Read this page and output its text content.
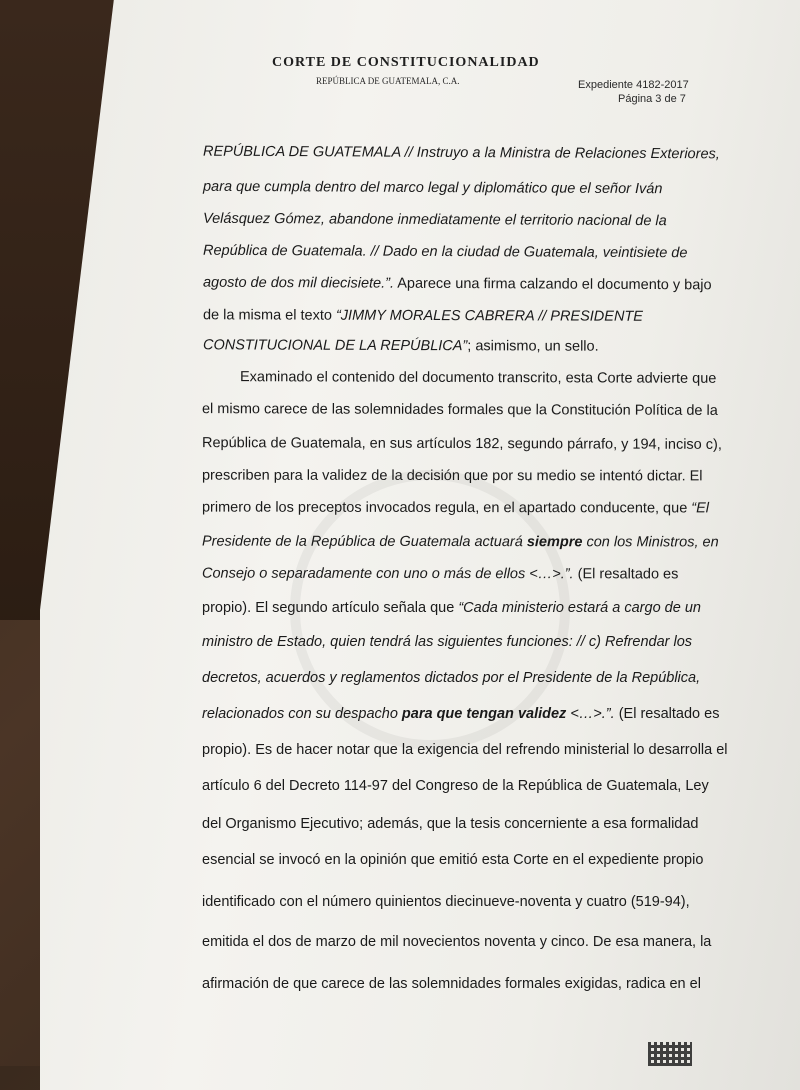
CORTE DE CONSTITUCIONALIDAD
REPÚBLICA DE GUATEMALA, C.A.	Expediente 4182-2017
Página 3 de 7
REPÚBLICA DE GUATEMALA // Instruyo a la Ministra de Relaciones Exteriores,
para que cumpla dentro del marco legal y diplomático que el señor Iván
Velásquez Gómez, abandone inmediatamente el territorio nacional de la
República de Guatemala. // Dado en la ciudad de Guatemala, veintisiete de
agosto de dos mil diecisiete.”. Aparece una firma calzando el documento y bajo
de la misma el texto “JIMMY MORALES CABRERA // PRESIDENTE
CONSTITUCIONAL DE LA REPÚBLICA”; asimismo, un sello.
Examinado el contenido del documento transcrito, esta Corte advierte que
el mismo carece de las solemnidades formales que la Constitución Política de la
República de Guatemala, en sus artículos 182, segundo párrafo, y 194, inciso c),
prescriben para la validez de la decisión que por su medio se intentó dictar. El
primero de los preceptos invocados regula, en el apartado conducente, que “El
Presidente de la República de Guatemala actuará siempre con los Ministros, en
Consejo o separadamente con uno o más de ellos <…>.”. (El resaltado es
propio). El segundo artículo señala que “Cada ministerio estará a cargo de un
ministro de Estado, quien tendrá las siguientes funciones: // c) Refrendar los
decretos, acuerdos y reglamentos dictados por el Presidente de la República,
relacionados con su despacho para que tengan validez <…>.”. (El resaltado es
propio). Es de hacer notar que la exigencia del refrendo ministerial lo desarrolla el
artículo 6 del Decreto 114-97 del Congreso de la República de Guatemala, Ley
del Organismo Ejecutivo; además, que la tesis concerniente a esa formalidad
esencial se invocó en la opinión que emitió esta Corte en el expediente propio
identificado con el número quinientos diecinueve-noventa y cuatro (519-94),
emitida el dos de marzo de mil novecientos noventa y cinco. De esa manera, la
afirmación de que carece de las solemnidades formales exigidas, radica en el
